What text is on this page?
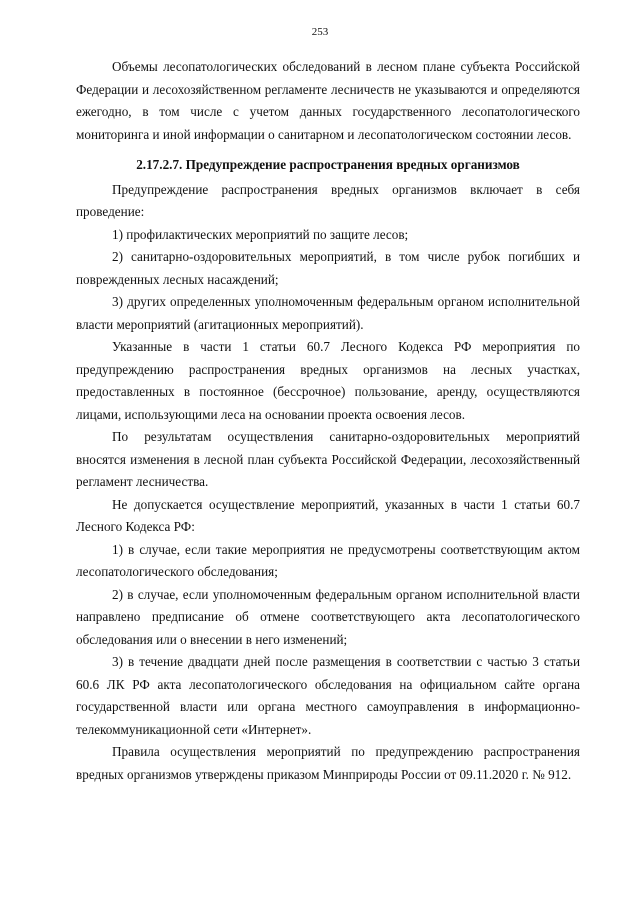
253

Объемы лесопатологических обследований в лесном плане субъекта Российской Федерации и лесохозяйственном регламенте лесничеств не указываются и определяются ежегодно, в том числе с учетом данных государственного лесопатологического мониторинга и иной информации о санитарном и лесопатологическом состоянии лесов.

2.17.2.7. Предупреждение распространения вредных организмов

Предупреждение распространения вредных организмов включает в себя проведение:

1) профилактических мероприятий по защите лесов;

2) санитарно-оздоровительных мероприятий, в том числе рубок погибших и поврежденных лесных насаждений;

3) других определенных уполномоченным федеральным органом исполнительной власти мероприятий (агитационных мероприятий).

Указанные в части 1 статьи 60.7 Лесного Кодекса РФ мероприятия по предупреждению распространения вредных организмов на лесных участках, предоставленных в постоянное (бессрочное) пользование, аренду, осуществляются лицами, использующими леса на основании проекта освоения лесов.

По результатам осуществления санитарно-оздоровительных мероприятий вносятся изменения в лесной план субъекта Российской Федерации, лесохозяйственный регламент лесничества.

Не допускается осуществление мероприятий, указанных в части 1 статьи 60.7 Лесного Кодекса РФ:

1) в случае, если такие мероприятия не предусмотрены соответствующим актом лесопатологического обследования;

2) в случае, если уполномоченным федеральным органом исполнительной власти направлено предписание об отмене соответствующего акта лесопатологического обследования или о внесении в него изменений;

3) в течение двадцати дней после размещения в соответствии с частью 3 статьи 60.6 ЛК РФ акта лесопатологического обследования на официальном сайте органа государственной власти или органа местного самоуправления в информационно-телекоммуникационной сети «Интернет».

Правила осуществления мероприятий по предупреждению распространения вредных организмов утверждены приказом Минприроды России от 09.11.2020 г. № 912.
